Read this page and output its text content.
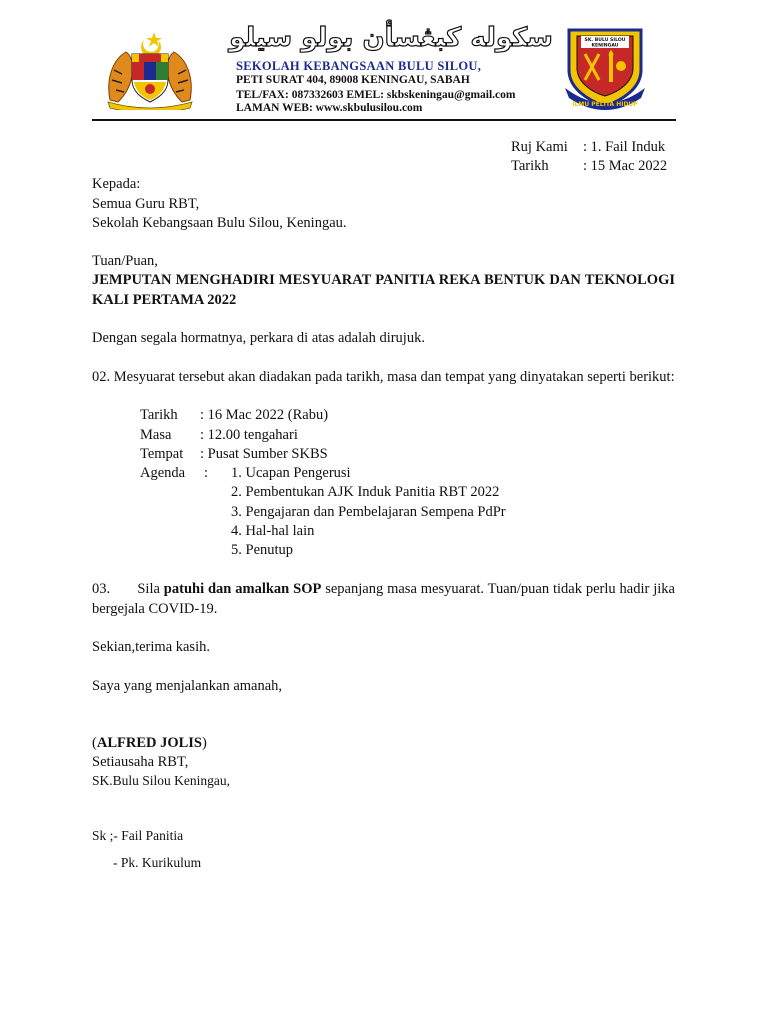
سكولە كبڠسأن بولو سيلو
SEKOLAH KEBANGSAAN BULU SILOU,
PETI SURAT 404, 89008 KENINGAU, SABAH
TEL/FAX: 087332603 EMEL: skbskeningau@gmail.com
LAMAN WEB: www.skbulusilou.com
SK. BULU SILOU
KENINGAU
ILMU PELITA HIDUP
Ruj Kami : 1. Fail Induk
Tarikh : 15 Mac 2022
Kepada:
Semua Guru RBT,
Sekolah Kebangsaan Bulu Silou, Keningau.
Tuan/Puan,
JEMPUTAN MENGHADIRI MESYUARAT PANITIA REKA BENTUK DAN TEKNOLOGI KALI PERTAMA 2022
Dengan segala hormatnya, perkara di atas adalah dirujuk.
02. Mesyuarat tersebut akan diadakan pada tarikh, masa dan tempat yang dinyatakan seperti berikut:
Tarikh : 16 Mac 2022 (Rabu)
Masa : 12.00 tengahari
Tempat : Pusat Sumber SKBS
Agenda : 1. Ucapan Pengerusi
2. Pembentukan AJK Induk Panitia RBT 2022
3. Pengajaran dan Pembelajaran Sempena PdPr
4. Hal-hal lain
5. Penutup
03.       Sila patuhi dan amalkan SOP sepanjang masa mesyuarat. Tuan/puan tidak perlu hadir jika bergejala COVID-19.
Sekian,terima kasih.
Saya yang menjalankan amanah,
(ALFRED JOLIS)
Setiausaha RBT,
SK.Bulu Silou Keningau,
Sk ;- Fail Panitia
- Pk. Kurikulum
